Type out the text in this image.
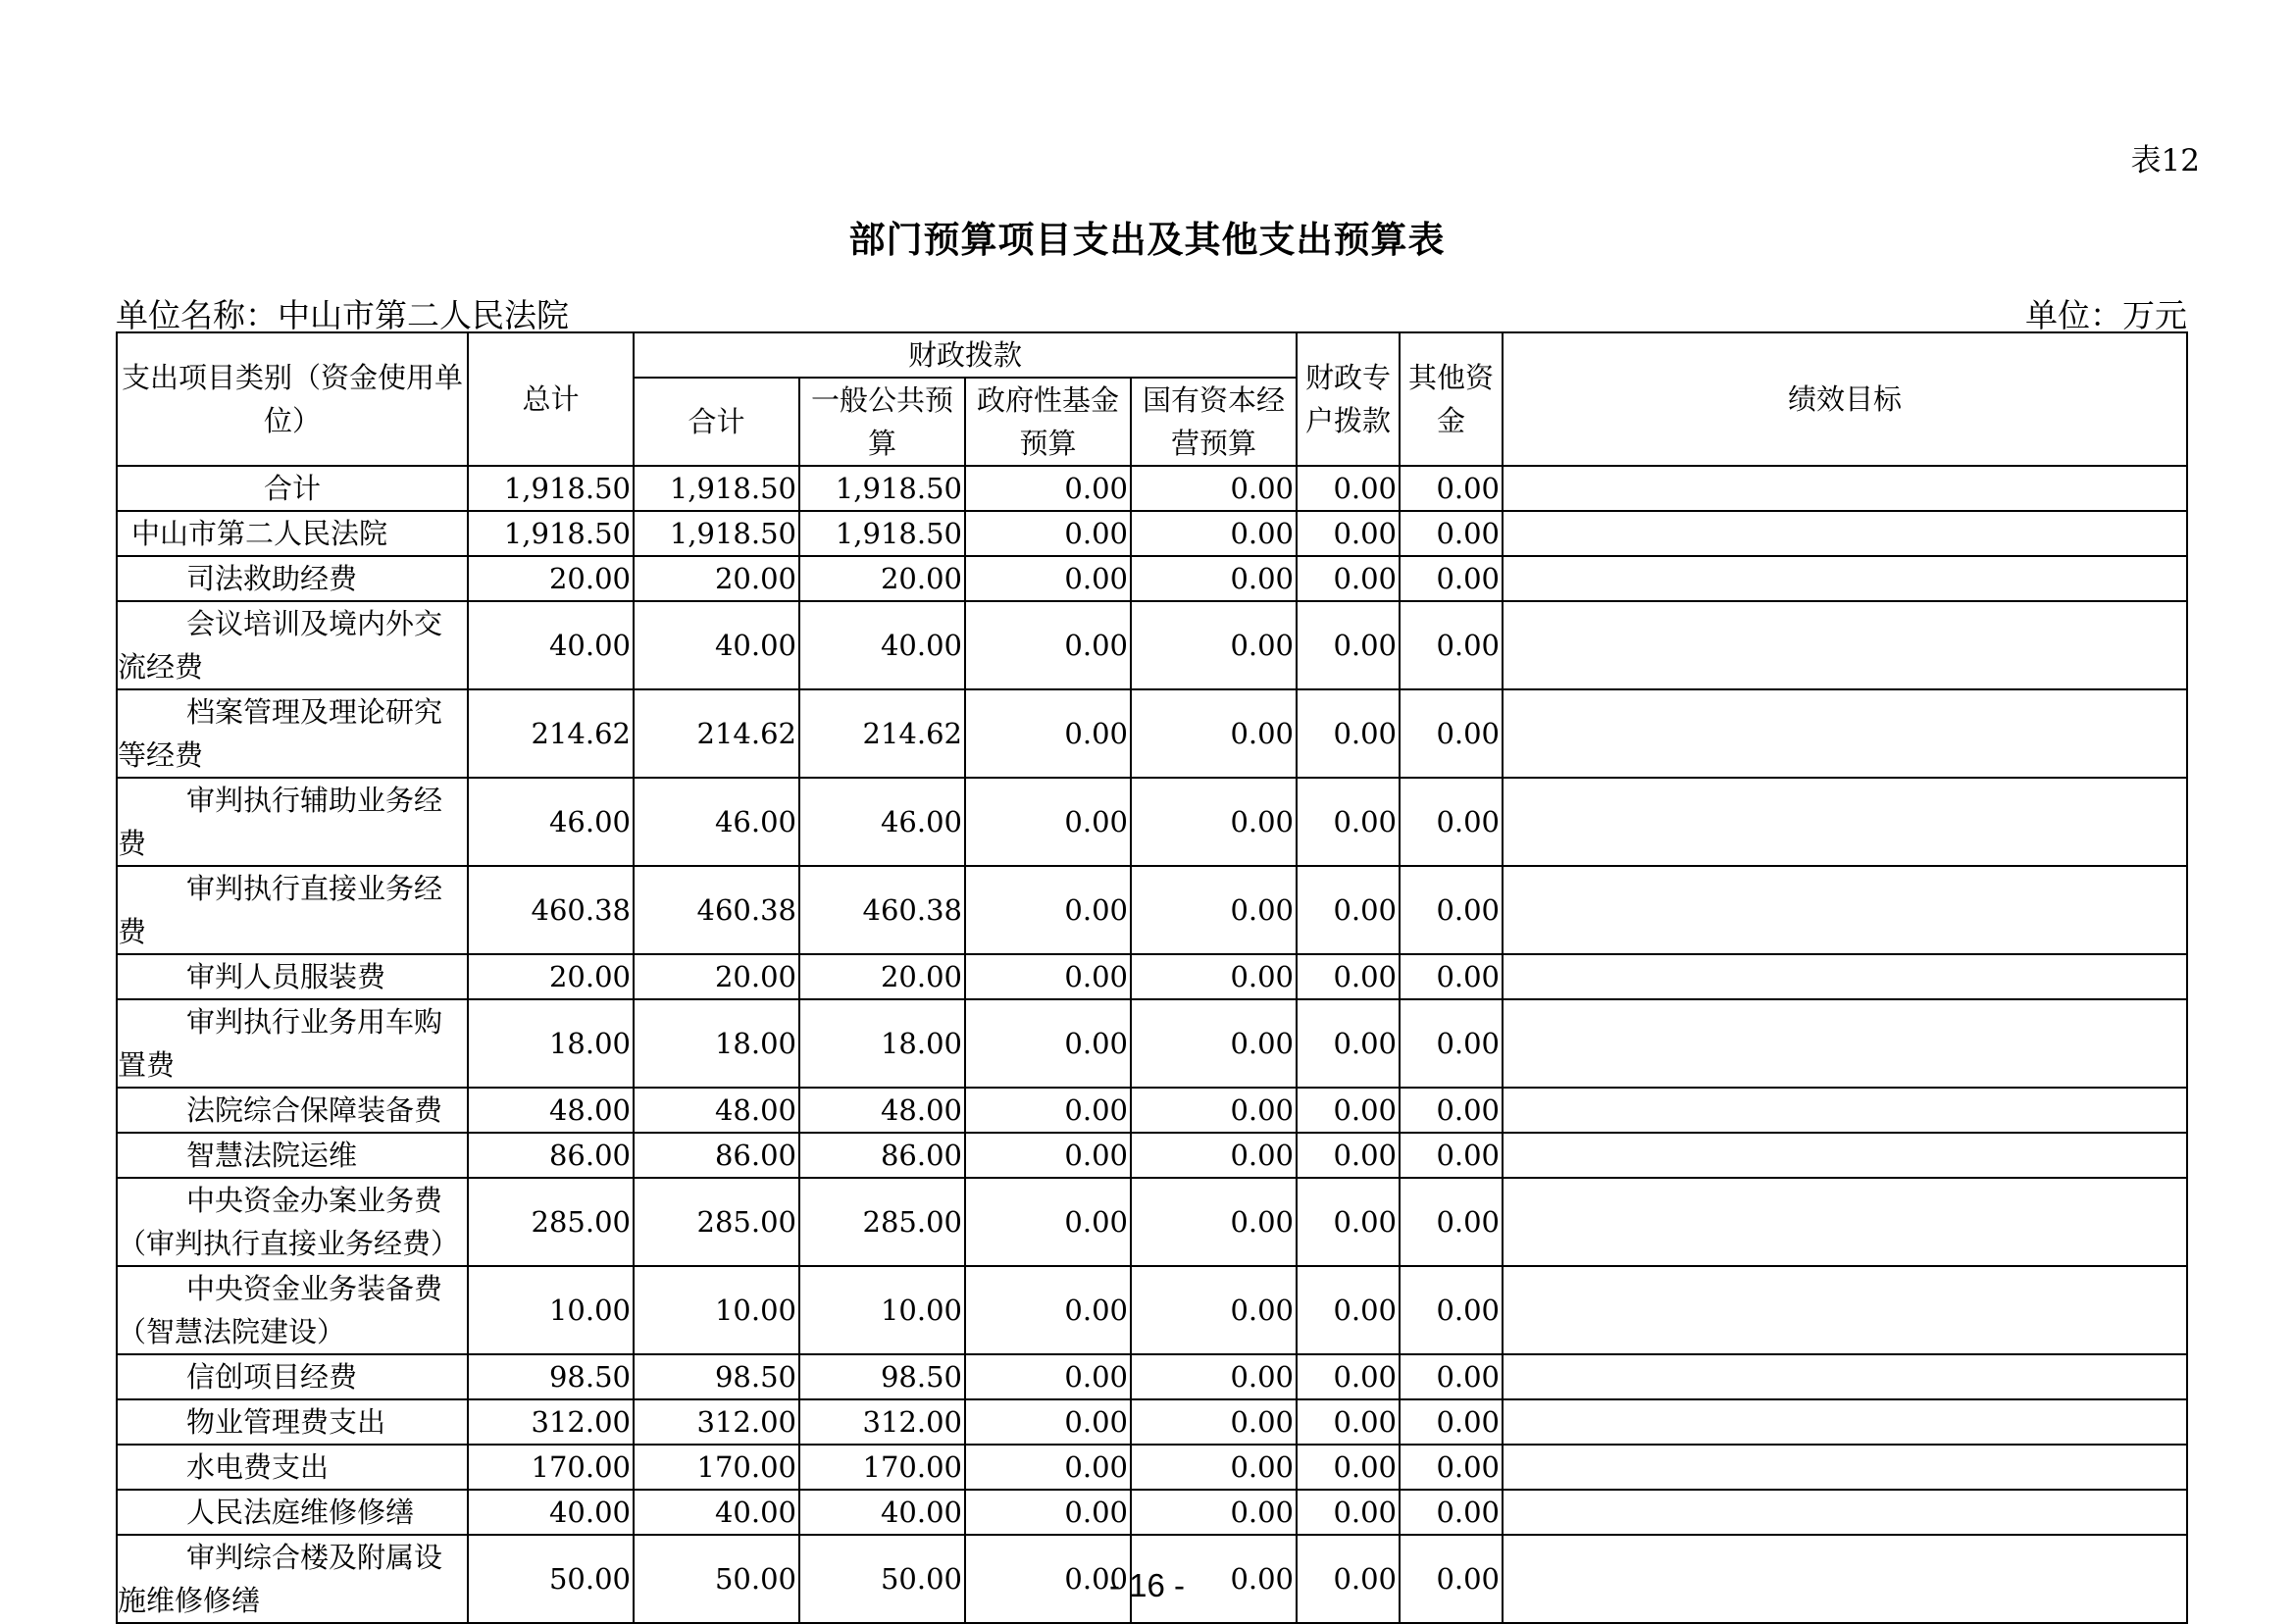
表12
部门预算项目支出及其他支出预算表
单位名称：中山市第二人民法院	单位：万元
支出项目类别（资金使用单位）	总计	财政拨款				财政专户拨款	其他资金	绩效目标
		合计	一般公共预算	政府性基金预算	国有资本经营预算			
合计	1,918.50	1,918.50	1,918.50	0.00	0.00	0.00	0.00	
中山市第二人民法院	1,918.50	1,918.50	1,918.50	0.00	0.00	0.00	0.00	
司法救助经费	20.00	20.00	20.00	0.00	0.00	0.00	0.00	
会议培训及境内外交流经费	40.00	40.00	40.00	0.00	0.00	0.00	0.00	
档案管理及理论研究等经费	214.62	214.62	214.62	0.00	0.00	0.00	0.00	
审判执行辅助业务经费	46.00	46.00	46.00	0.00	0.00	0.00	0.00	
审判执行直接业务经费	460.38	460.38	460.38	0.00	0.00	0.00	0.00	
审判人员服装费	20.00	20.00	20.00	0.00	0.00	0.00	0.00	
审判执行业务用车购置费	18.00	18.00	18.00	0.00	0.00	0.00	0.00	
法院综合保障装备费	48.00	48.00	48.00	0.00	0.00	0.00	0.00	
智慧法院运维	86.00	86.00	86.00	0.00	0.00	0.00	0.00	
中央资金办案业务费（审判执行直接业务经费）	285.00	285.00	285.00	0.00	0.00	0.00	0.00	
中央资金业务装备费（智慧法院建设）	10.00	10.00	10.00	0.00	0.00	0.00	0.00	
信创项目经费	98.50	98.50	98.50	0.00	0.00	0.00	0.00	
物业管理费支出	312.00	312.00	312.00	0.00	0.00	0.00	0.00	
水电费支出	170.00	170.00	170.00	0.00	0.00	0.00	0.00	
人民法庭维修修缮	40.00	40.00	40.00	0.00	0.00	0.00	0.00	
审判综合楼及附属设施维修修缮	50.00	50.00	50.00	0.00	0.00	0.00	0.00	
- 16 -
